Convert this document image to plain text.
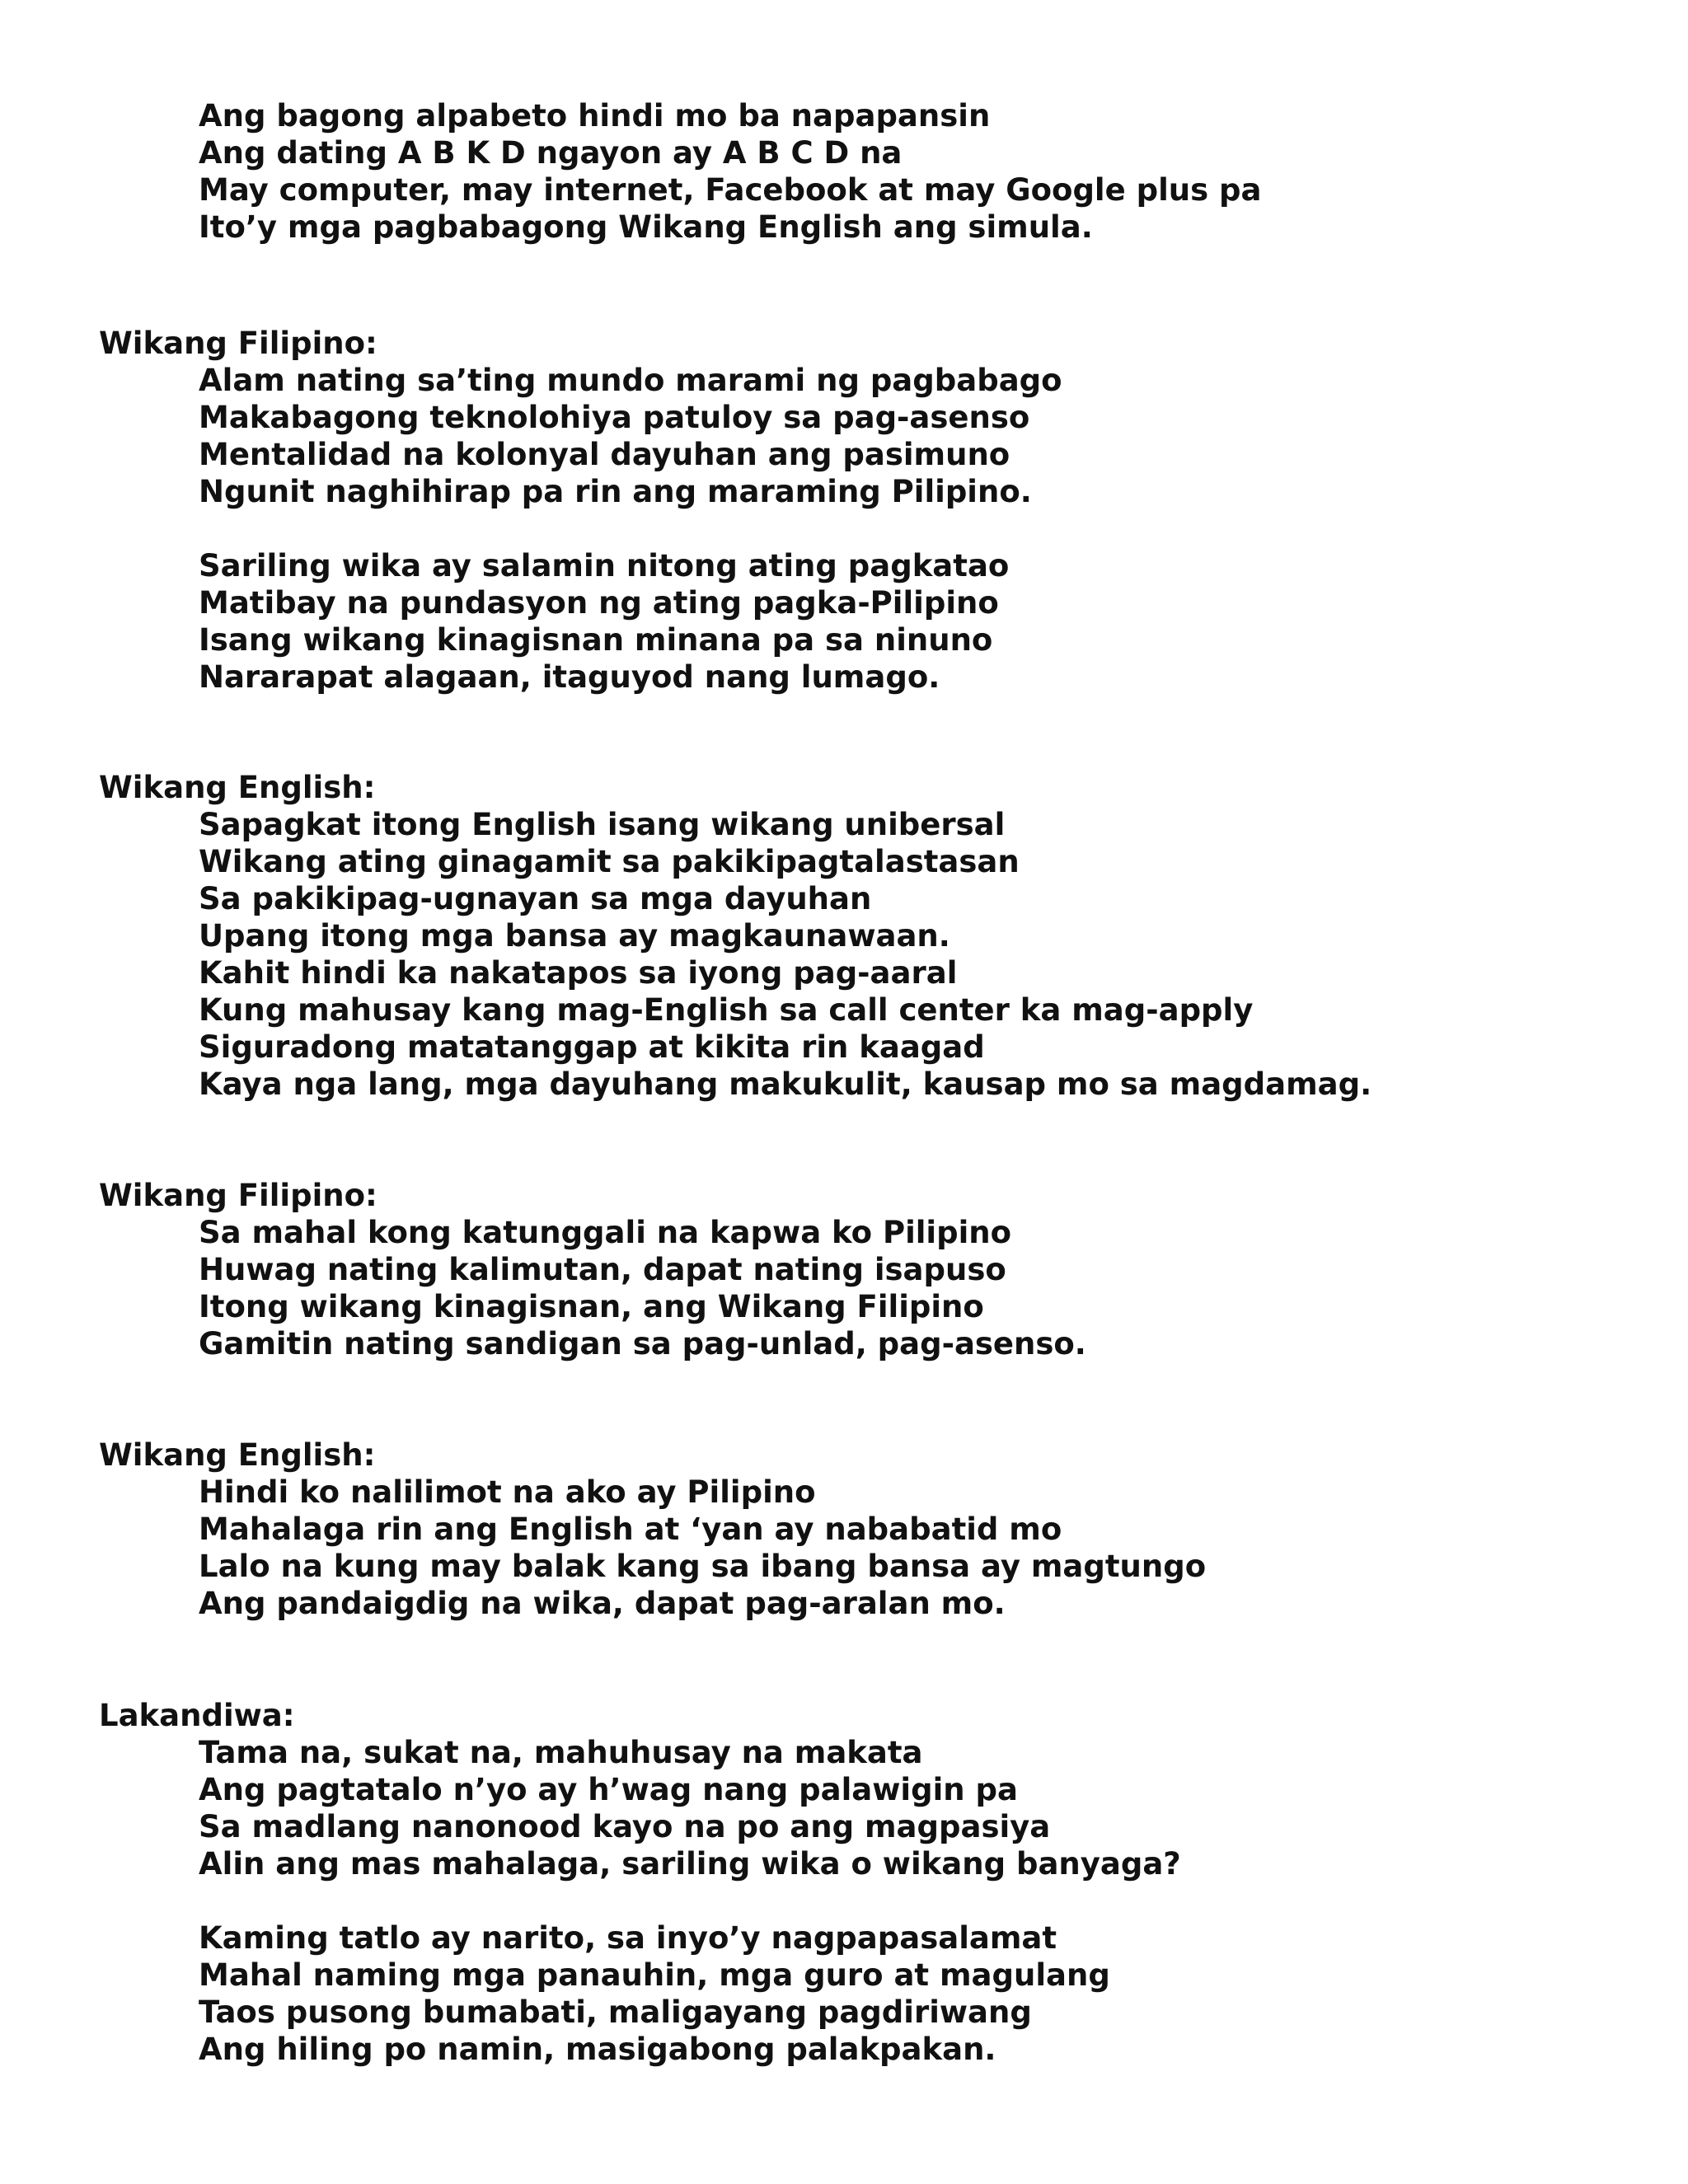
Ang bagong alpabeto hindi mo ba napapansin
Ang dating A B K D ngayon ay A B C D na
May computer, may internet, Facebook at may Google plus pa
Ito’y mga pagbabagong Wikang English ang simula.
Wikang Filipino:
Alam nating sa’ting mundo marami ng pagbabago
Makabagong teknolohiya patuloy sa pag-asenso
Mentalidad na kolonyal dayuhan ang pasimuno
Ngunit naghihirap pa rin ang maraming Pilipino.
Sariling wika ay salamin nitong ating pagkatao
Matibay na pundasyon ng ating pagka-Pilipino
Isang wikang kinagisnan minana pa sa ninuno
Nararapat alagaan, itaguyod nang lumago.
Wikang English:
Sapagkat itong English isang wikang unibersal
Wikang ating ginagamit sa pakikipagtalastasan
Sa pakikipag-ugnayan sa mga dayuhan
Upang itong mga bansa ay magkaunawaan.
Kahit hindi ka nakatapos sa iyong pag-aaral
Kung mahusay kang mag-English sa call center ka mag-apply
Siguradong matatanggap at kikita rin kaagad
Kaya nga lang, mga dayuhang makukulit, kausap mo sa magdamag.
Wikang Filipino:
Sa mahal kong katunggali na kapwa ko Pilipino
Huwag nating kalimutan, dapat nating isapuso
Itong wikang kinagisnan, ang Wikang Filipino
Gamitin nating sandigan sa pag-unlad, pag-asenso.
Wikang English:
Hindi ko nalilimot na ako ay Pilipino
Mahalaga rin ang English at ‘yan ay nababatid mo
Lalo na kung may balak kang sa ibang bansa ay magtungo
Ang pandaigdig na wika, dapat pag-aralan mo.
Lakandiwa:
Tama na, sukat na, mahuhusay na makata
Ang pagtatalo n’yo ay h’wag nang palawigin pa
Sa madlang nanonood kayo na po ang magpasiya
Alin ang mas mahalaga, sariling wika o wikang banyaga?
Kaming tatlo ay narito, sa inyo’y nagpapasalamat
Mahal naming mga panauhin, mga guro at magulang
Taos pusong bumabati, maligayang pagdiriwang
Ang hiling po namin, masigabong palakpakan.
